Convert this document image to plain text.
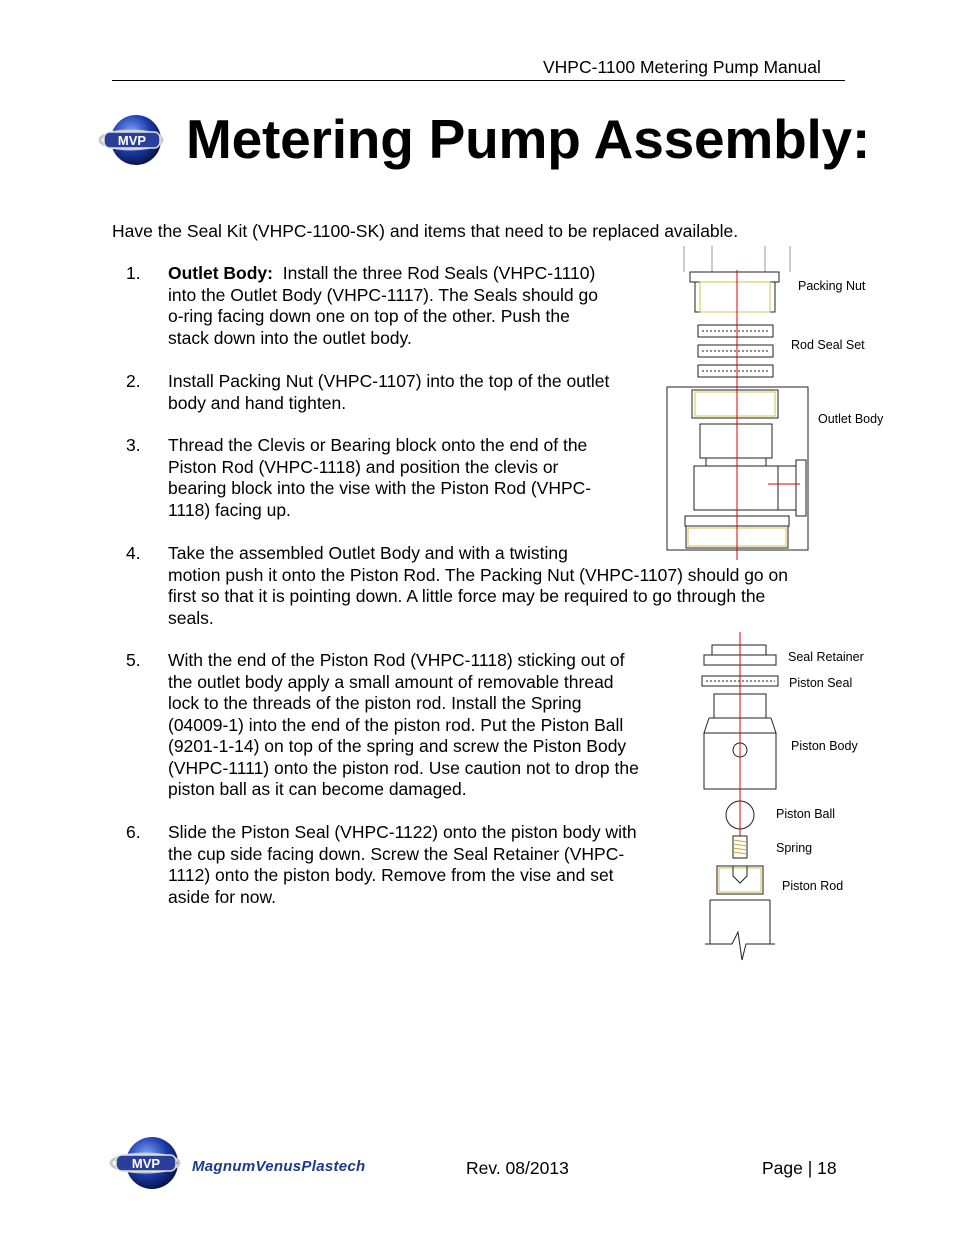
VHPC-1100 Metering Pump Manual
MVP Metering Pump Assembly:
Have the Seal Kit (VHPC-1100-SK) and items that need to be replaced available.
1.	Outlet Body: Install the three Rod Seals (VHPC-1110)
into the Outlet Body (VHPC-1117). The Seals should go
o-ring facing down one on top of the other. Push the
stack down into the outlet body.
2.	Install Packing Nut (VHPC-1107) into the top of the outlet
body and hand tighten.
3.	Thread the Clevis or Bearing block onto the end of the
Piston Rod (VHPC-1118) and position the clevis or
bearing block into the vise with the Piston Rod (VHPC-
1118) facing up.
4.	Take the assembled Outlet Body and with a twisting
motion push it onto the Piston Rod. The Packing Nut (VHPC-1107) should go on
first so that it is pointing down. A little force may be required to go through the
seals.
5.	With the end of the Piston Rod (VHPC-1118) sticking out of
the outlet body apply a small amount of removable thread
lock to the threads of the piston rod. Install the Spring
(04009-1) into the end of the piston rod. Put the Piston Ball
(9201-1-14) on top of the spring and screw the Piston Body
(VHPC-1111) onto the piston rod. Use caution not to drop the
piston ball as it can become damaged.
6.	Slide the Piston Seal (VHPC-1122) onto the piston body with
the cup side facing down. Screw the Seal Retainer (VHPC-
1112) onto the piston body. Remove from the vise and set
aside for now.
Packing Nut
Rod Seal Set
Outlet Body
Seal Retainer
Piston Seal
Piston Body
Piston Ball
Spring
Piston Rod
MVP MagnumVenusPlastech	Rev. 08/2013	Page | 18
